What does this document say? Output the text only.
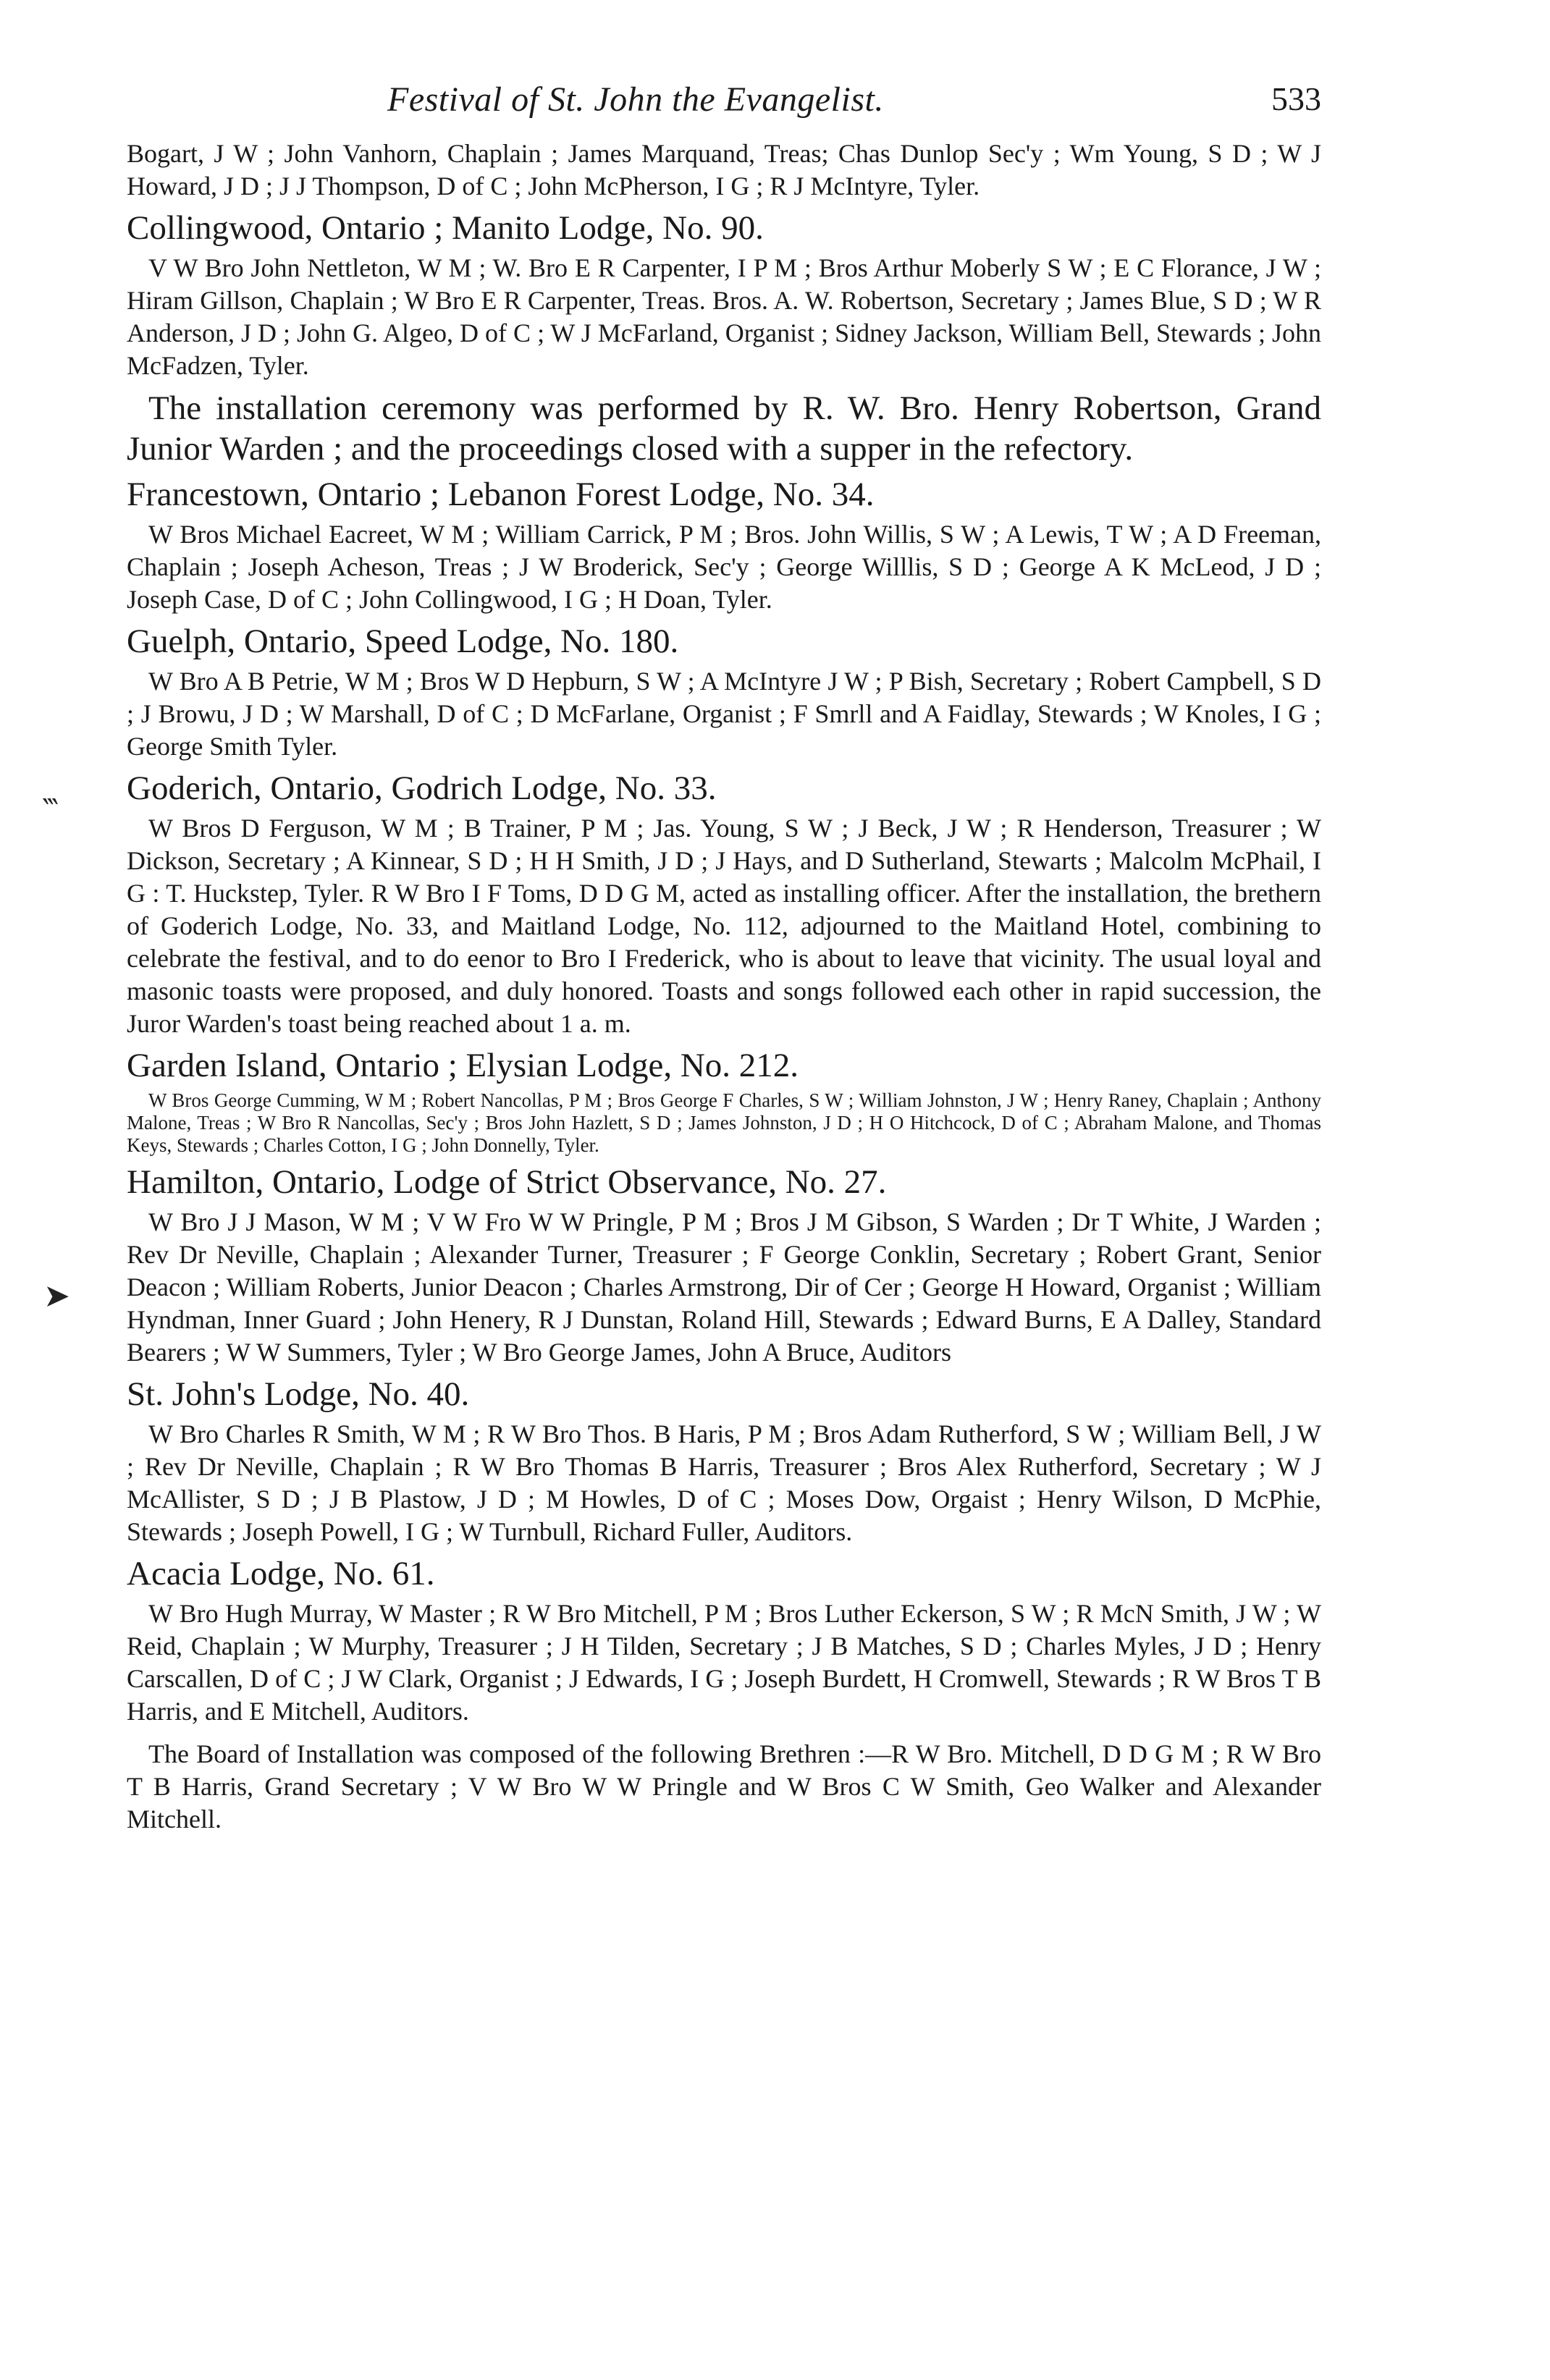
Festival of St. John the Evangelist.	533

Bogart, J W ; John Vanhorn, Chaplain ; James Marquand, Treas; Chas Dunlop Sec'y ; Wm Young, S D ; W J Howard, J D ; J J Thompson, D of C ; John McPherson, I G ; R J McIntyre, Tyler.

Collingwood, Ontario ; Manito Lodge, No. 90.

V W Bro John Nettleton, W M ; W. Bro E R Carpenter, I P M ; Bros Arthur Moberly S W ; E C Florance, J W ; Hiram Gillson, Chaplain ; W Bro E R Carpenter, Treas. Bros. A. W. Robertson, Secretary ; James Blue, S D ; W R Anderson, J D ; John G. Algeo, D of C ; W J McFarland, Organist ; Sidney Jackson, William Bell, Stewards ; John McFadzen, Tyler.

The installation ceremony was performed by R. W. Bro. Henry Robertson, Grand Junior Warden ; and the proceedings closed with a supper in the refectory.

Francestown, Ontario ; Lebanon Forest Lodge, No. 34.

W Bros Michael Eacreet, W M ; William Carrick, P M ; Bros. John Willis, S W ; A Lewis, T W ; A D Freeman, Chaplain ; Joseph Acheson, Treas ; J W Broderick, Sec'y ; George Willlis, S D ; George A K McLeod, J D ; Joseph Case, D of C ; John Collingwood, I G ; H Doan, Tyler.

Guelph, Ontario, Speed Lodge, No. 180.

W Bro A B Petrie, W M ; Bros W D Hepburn, S W ; A McIntyre J W ; P Bish, Secretary ; Robert Campbell, S D ; J Browu, J D ; W Marshall, D of C ; D McFarlane, Organist ; F Smrll and A Faidlay, Stewards ; W Knoles, I G ; George Smith Tyler.

Goderich, Ontario, Godrich Lodge, No. 33.

W Bros D Ferguson, W M ; B Trainer, P M ; Jas. Young, S W ; J Beck, J W ; R Henderson, Treasurer ; W Dickson, Secretary ; A Kinnear, S D ; H H Smith, J D ; J Hays, and D Sutherland, Stewarts ; Malcolm McPhail, I G : T. Huckstep, Tyler. R W Bro I F Toms, D D G M, acted as installing officer. After the installation, the brethern of Goderich Lodge, No. 33, and Maitland Lodge, No. 112, adjourned to the Maitland Hotel, combining to celebrate the festival, and to do eenor to Bro I Frederick, who is about to leave that vicinity. The usual loyal and masonic toasts were proposed, and duly honored. Toasts and songs followed each other in rapid succession, the Juror Warden's toast being reached about 1 a. m.

Garden Island, Ontario ; Elysian Lodge, No. 212.

W Bros George Cumming, W M ; Robert Nancollas, P M ; Bros George F Charles, S W ; William Johnston, J W ; Henry Raney, Chaplain ; Anthony Malone, Treas ; W Bro R Nancollas, Sec'y ; Bros John Hazlett, S D ; James Johnston, J D ; H O Hitchcock, D of C ; Abraham Malone, and Thomas Keys, Stewards ; Charles Cotton, I G ; John Donnelly, Tyler.

Hamilton, Ontario, Lodge of Strict Observance, No. 27.

W Bro J J Mason, W M ; V W Fro W W Pringle, P M ; Bros J M Gibson, S Warden ; Dr T White, J Warden ; Rev Dr Neville, Chaplain ; Alexander Turner, Treasurer ; F George Conklin, Secretary ; Robert Grant, Senior Deacon ; William Roberts, Junior Deacon ; Charles Armstrong, Dir of Cer ; George H Howard, Organist ; William Hyndman, Inner Guard ; John Henery, R J Dunstan, Roland Hill, Stewards ; Edward Burns, E A Dalley, Standard Bearers ; W W Summers, Tyler ; W Bro George James, John A Bruce, Auditors

St. John's Lodge, No. 40.

W Bro Charles R Smith, W M ; R W Bro Thos. B Haris, P M ; Bros Adam Rutherford, S W ; William Bell, J W ; Rev Dr Neville, Chaplain ; R W Bro Thomas B Harris, Treasurer ; Bros Alex Rutherford, Secretary ; W J McAllister, S D ; J B Plastow, J D ; M Howles, D of C ; Moses Dow, Orgaist ; Henry Wilson, D McPhie, Stewards ; Joseph Powell, I G ; W Turnbull, Richard Fuller, Auditors.

Acacia Lodge, No. 61.

W Bro Hugh Murray, W Master ; R W Bro Mitchell, P M ; Bros Luther Eckerson, S W ; R McN Smith, J W ; W Reid, Chaplain ; W Murphy, Treasurer ; J H Tilden, Secretary ; J B Matches, S D ; Charles Myles, J D ; Henry Carscallen, D of C ; J W Clark, Organist ; J Edwards, I G ; Joseph Burdett, H Cromwell, Stewards ; R W Bros T B Harris, and E Mitchell, Auditors.

The Board of Installation was composed of the following Brethren :—R W Bro. Mitchell, D D G M ; R W Bro T B Harris, Grand Secretary ; V W Bro W W Pringle and W Bros C W Smith, Geo Walker and Alexander Mitchell.

‷
➤
